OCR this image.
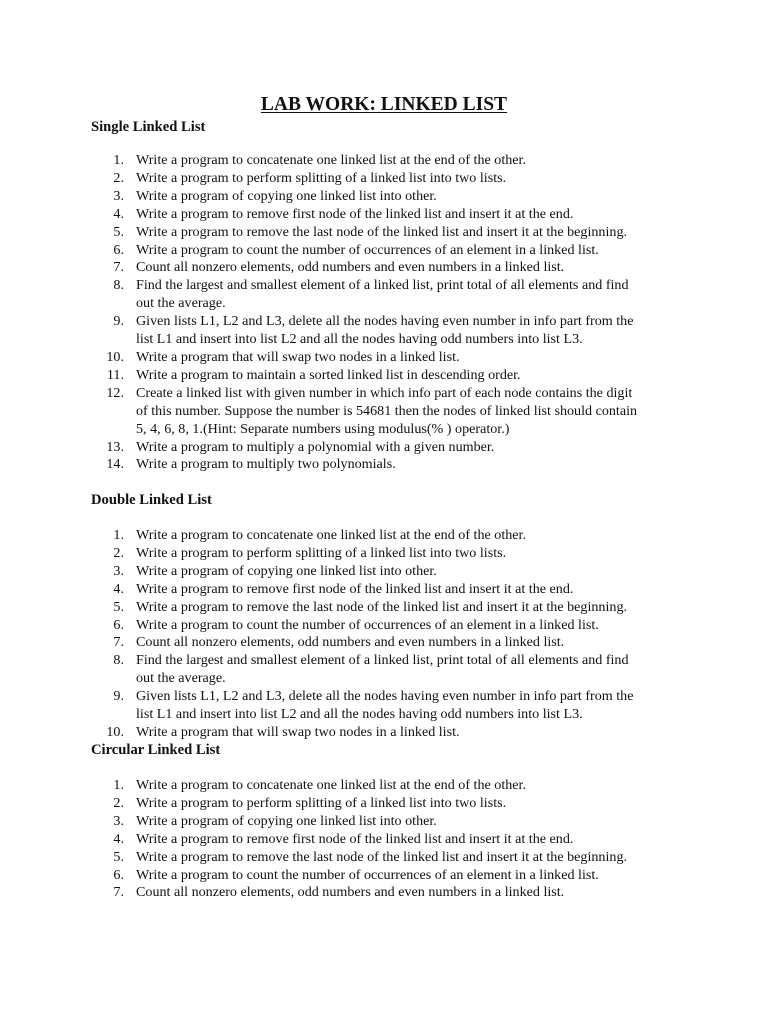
LAB WORK: LINKED LIST
Single Linked List
1. Write a program to concatenate one linked list at the end of the other.
2. Write a program to perform splitting of a linked list into two lists.
3. Write a program of copying one linked list into other.
4. Write a program to remove first node of the linked list and insert it at the end.
5. Write a program to remove the last node of the linked list and insert it at the beginning.
6. Write a program to count the number of occurrences of an element in a linked list.
7. Count all nonzero elements, odd numbers and even numbers in a linked list.
8. Find the largest and smallest element of a linked list, print total of all elements and find
out the average.
9. Given lists L1, L2 and L3, delete all the nodes having even number in info part from the
list L1 and insert into list L2 and all the nodes having odd numbers into list L3.
10. Write a program that will swap two nodes in a linked list.
11. Write a program to maintain a sorted linked list in descending order.
12. Create a linked list with given number in which info part of each node contains the digit
of this number. Suppose the number is 54681 then the nodes of linked list should contain
5, 4, 6, 8, 1.(Hint: Separate numbers using modulus(% ) operator.)
13. Write a program to multiply a polynomial with a given number.
14. Write a program to multiply two polynomials.
Double Linked List
1. Write a program to concatenate one linked list at the end of the other.
2. Write a program to perform splitting of a linked list into two lists.
3. Write a program of copying one linked list into other.
4. Write a program to remove first node of the linked list and insert it at the end.
5. Write a program to remove the last node of the linked list and insert it at the beginning.
6. Write a program to count the number of occurrences of an element in a linked list.
7. Count all nonzero elements, odd numbers and even numbers in a linked list.
8. Find the largest and smallest element of a linked list, print total of all elements and find
out the average.
9. Given lists L1, L2 and L3, delete all the nodes having even number in info part from the
list L1 and insert into list L2 and all the nodes having odd numbers into list L3.
10. Write a program that will swap two nodes in a linked list.
Circular Linked List
1. Write a program to concatenate one linked list at the end of the other.
2. Write a program to perform splitting of a linked list into two lists.
3. Write a program of copying one linked list into other.
4. Write a program to remove first node of the linked list and insert it at the end.
5. Write a program to remove the last node of the linked list and insert it at the beginning.
6. Write a program to count the number of occurrences of an element in a linked list.
7. Count all nonzero elements, odd numbers and even numbers in a linked list.
